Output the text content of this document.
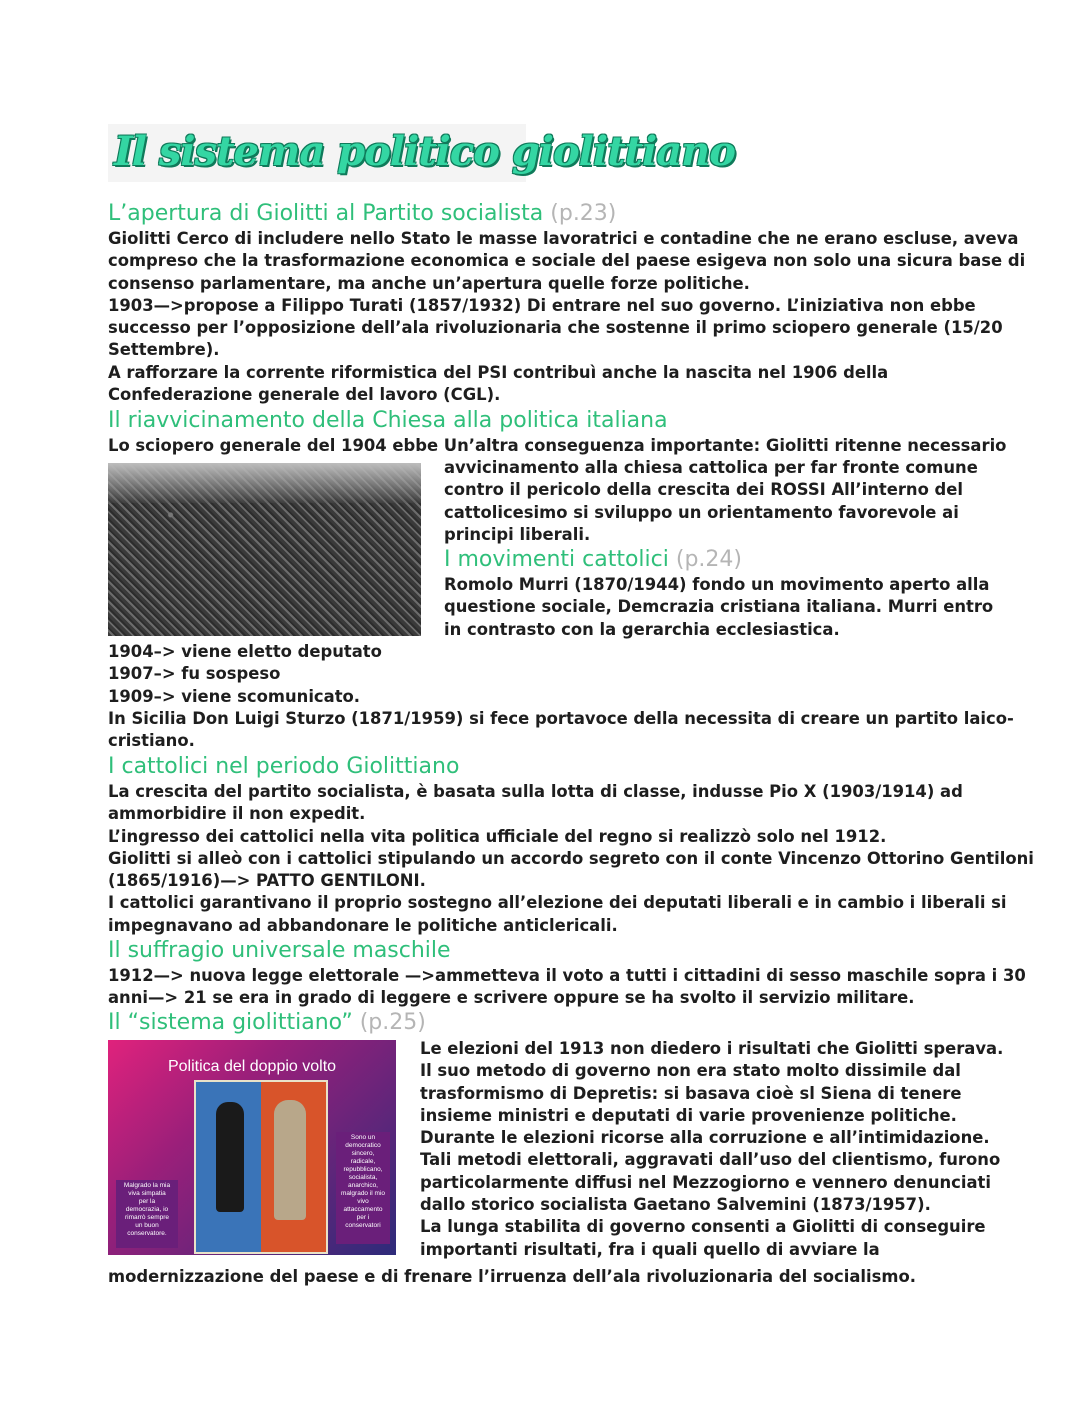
Il sistema politico giolittiano
L’apertura di Giolitti al Partito socialista (p.23)
Giolitti Cerco di includere nello Stato le masse lavoratrici e contadine che ne erano escluse, aveva
compreso che la trasformazione economica e sociale del paese esigeva non solo una sicura base di
consenso parlamentare, ma anche un’apertura quelle forze politiche.
1903—>propose a Filippo Turati (1857/1932) Di entrare nel suo governo. L’iniziativa non ebbe
successo per l’opposizione dell’ala rivoluzionaria che sostenne il primo sciopero generale (15/20
Settembre).
A rafforzare la corrente riformistica del PSI contribuì anche la nascita nel 1906 della
Confederazione generale del lavoro (CGL).
Il riavvicinamento della Chiesa alla politica italiana
Lo sciopero generale del 1904 ebbe Un’altra conseguenza importante: Giolitti ritenne necessario
avvicinamento alla chiesa cattolica per far fronte comune
contro il pericolo della crescita dei ROSSI All’interno del
cattolicesimo si sviluppo un orientamento favorevole ai
principi liberali.
I movimenti cattolici (p.24)
Romolo Murri (1870/1944) fondo un movimento aperto alla
questione sociale, Demcrazia cristiana italiana. Murri entro
in contrasto con la gerarchia ecclesiastica.
1904–> viene eletto deputato
1907–> fu sospeso
1909–> viene scomunicato.
In Sicilia Don Luigi Sturzo (1871/1959) si fece portavoce della necessita di creare un partito laico-
cristiano.
I cattolici nel periodo Giolittiano
La crescita del partito socialista, è basata sulla lotta di classe, indusse Pio X (1903/1914) ad
ammorbidire il non expedit.
L’ingresso dei cattolici nella vita politica ufficiale del regno si realizzò solo nel 1912.
Giolitti si alleò con i cattolici stipulando un accordo segreto con il conte Vincenzo Ottorino Gentiloni
(1865/1916)—> PATTO GENTILONI.
I cattolici garantivano il proprio sostegno all’elezione dei deputati liberali e in cambio i liberali si
impegnavano ad abbandonare le politiche anticlericali.
Il suffragio universale maschile
1912—> nuova legge elettorale —>ammetteva il voto a tutti i cittadini di sesso maschile sopra i 30
anni—> 21 se era in grado di leggere e scrivere oppure se ha svolto il servizio militare.
Il “sistema giolittiano” (p.25)
Politica del doppio volto
Malgrado la mia
viva simpatia
per la
democrazia, io
rimarrò sempre
un buon
conservatore.
Sono un
democratico
sincero,
radicale,
repubblicano,
socialista,
anarchico,
malgrado il mio
vivo
attaccamento
per i
conservatori
Le elezioni del 1913 non diedero i risultati che Giolitti sperava.
Il suo metodo di governo non era stato molto dissimile dal
trasformismo di Depretis: si basava cioè sl Siena di tenere
insieme ministri e deputati di varie provenienze politiche.
Durante le elezioni ricorse alla corruzione e all’intimidazione.
Tali metodi elettorali, aggravati dall’uso del clientismo, furono
particolarmente diffusi nel Mezzogiorno e vennero denunciati
dallo storico socialista Gaetano Salvemini (1873/1957).
La lunga stabilita di governo consenti a Giolitti di conseguire
importanti risultati, fra i quali quello di avviare la
modernizzazione del paese e di frenare l’irruenza dell’ala rivoluzionaria del socialismo.
